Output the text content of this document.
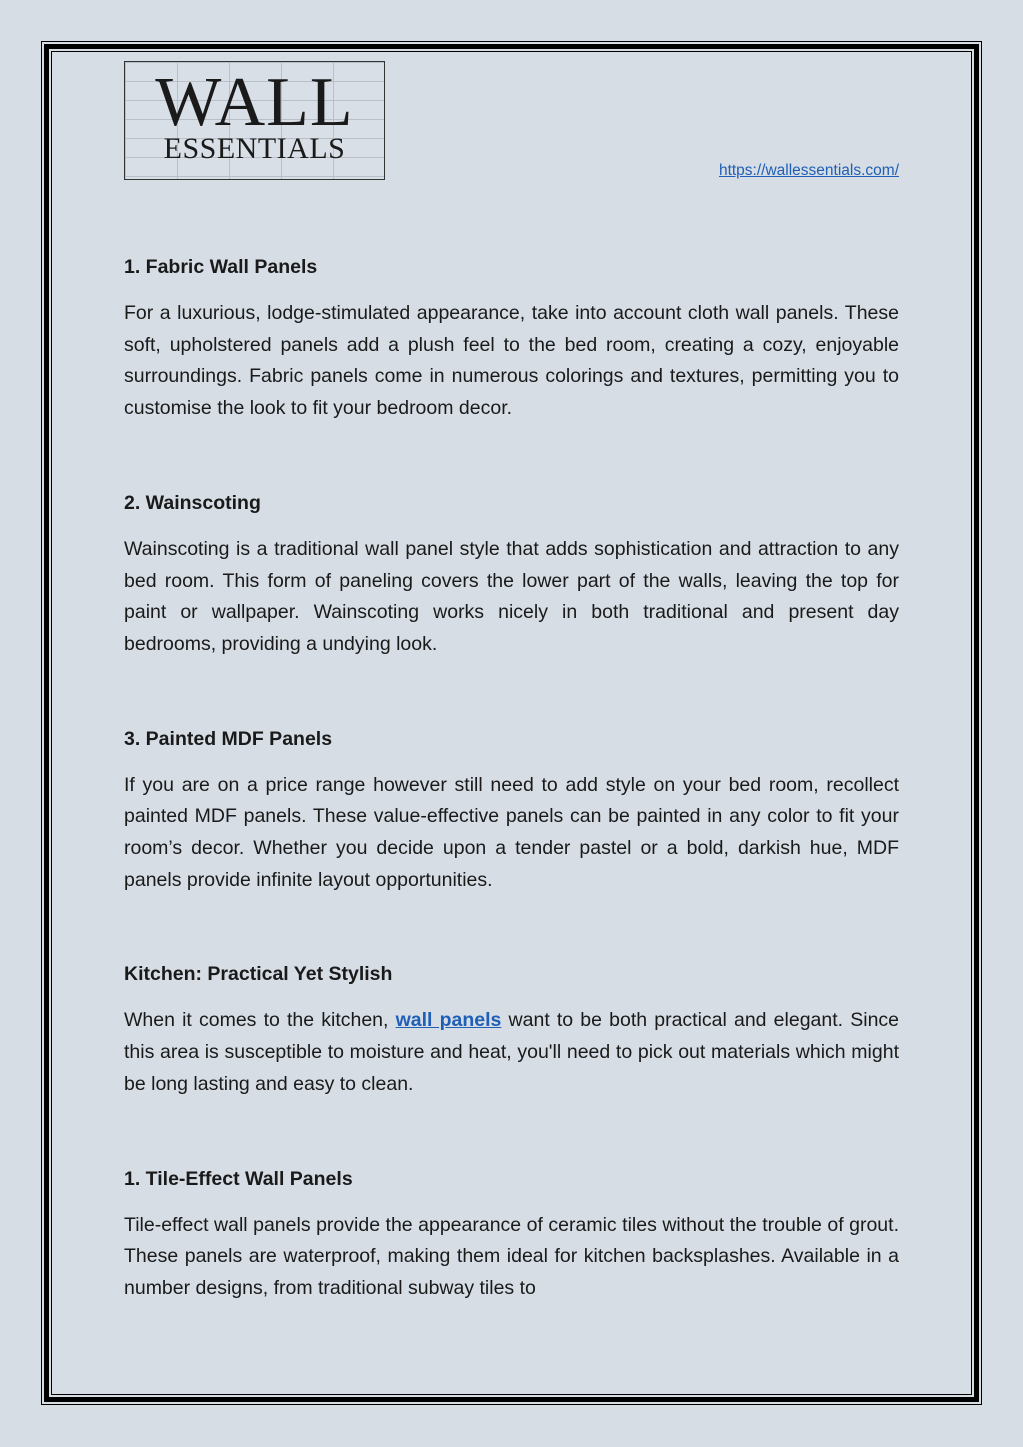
WALL
ESSENTIALS
https://wallessentials.com/

1. Fabric Wall Panels

For a luxurious, lodge-stimulated appearance, take into account cloth wall panels. These soft, upholstered panels add a plush feel to the bed room, creating a cozy, enjoyable surroundings. Fabric panels come in numerous colorings and textures, permitting you to customise the look to fit your bedroom decor.

2. Wainscoting

Wainscoting is a traditional wall panel style that adds sophistication and attraction to any bed room. This form of paneling covers the lower part of the walls, leaving the top for paint or wallpaper. Wainscoting works nicely in both traditional and present day bedrooms, providing a undying look.

3. Painted MDF Panels

If you are on a price range however still need to add style on your bed room, recollect painted MDF panels. These value-effective panels can be painted in any color to fit your room’s decor. Whether you decide upon a tender pastel or a bold, darkish hue, MDF panels provide infinite layout opportunities.

Kitchen: Practical Yet Stylish

When it comes to the kitchen, wall panels want to be both practical and elegant. Since this area is susceptible to moisture and heat, you'll need to pick out materials which might be long lasting and easy to clean.

1. Tile-Effect Wall Panels

Tile-effect wall panels provide the appearance of ceramic tiles without the trouble of grout. These panels are waterproof, making them ideal for kitchen backsplashes. Available in a number designs, from traditional subway tiles to
